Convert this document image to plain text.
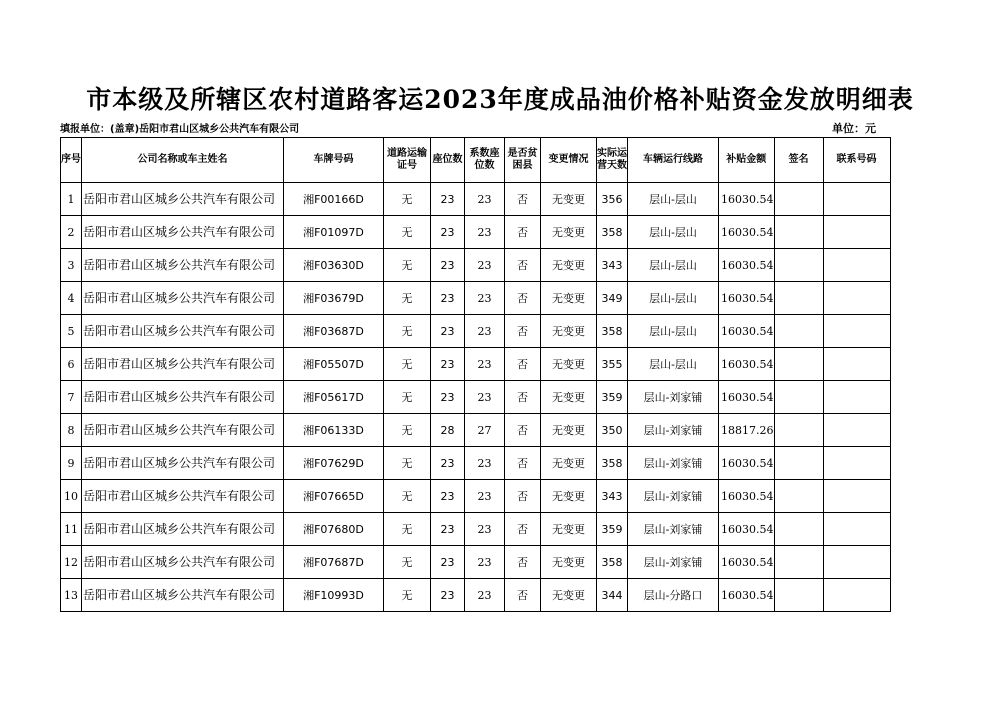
市本级及所辖区农村道路客运2023年度成品油价格补贴资金发放明细表
填报单位：(盖章)岳阳市君山区城乡公共汽车有限公司	单位：元
序号	公司名称或车主姓名	车牌号码	道路运输证号	座位数	系数座位数	是否贫困县	变更情况	实际运营天数	车辆运行线路	补贴金额	签名	联系号码
1	岳阳市君山区城乡公共汽车有限公司	湘F00166D	无	23	23	否	无变更	356	层山-层山	16030.54		
2	岳阳市君山区城乡公共汽车有限公司	湘F01097D	无	23	23	否	无变更	358	层山-层山	16030.54		
3	岳阳市君山区城乡公共汽车有限公司	湘F03630D	无	23	23	否	无变更	343	层山-层山	16030.54		
4	岳阳市君山区城乡公共汽车有限公司	湘F03679D	无	23	23	否	无变更	349	层山-层山	16030.54		
5	岳阳市君山区城乡公共汽车有限公司	湘F03687D	无	23	23	否	无变更	358	层山-层山	16030.54		
6	岳阳市君山区城乡公共汽车有限公司	湘F05507D	无	23	23	否	无变更	355	层山-层山	16030.54		
7	岳阳市君山区城乡公共汽车有限公司	湘F05617D	无	23	23	否	无变更	359	层山-刘家铺	16030.54		
8	岳阳市君山区城乡公共汽车有限公司	湘F06133D	无	28	27	否	无变更	350	层山-刘家铺	18817.26		
9	岳阳市君山区城乡公共汽车有限公司	湘F07629D	无	23	23	否	无变更	358	层山-刘家铺	16030.54		
10	岳阳市君山区城乡公共汽车有限公司	湘F07665D	无	23	23	否	无变更	343	层山-刘家铺	16030.54		
11	岳阳市君山区城乡公共汽车有限公司	湘F07680D	无	23	23	否	无变更	359	层山-刘家铺	16030.54		
12	岳阳市君山区城乡公共汽车有限公司	湘F07687D	无	23	23	否	无变更	358	层山-刘家铺	16030.54		
13	岳阳市君山区城乡公共汽车有限公司	湘F10993D	无	23	23	否	无变更	344	层山-分路口	16030.54		
